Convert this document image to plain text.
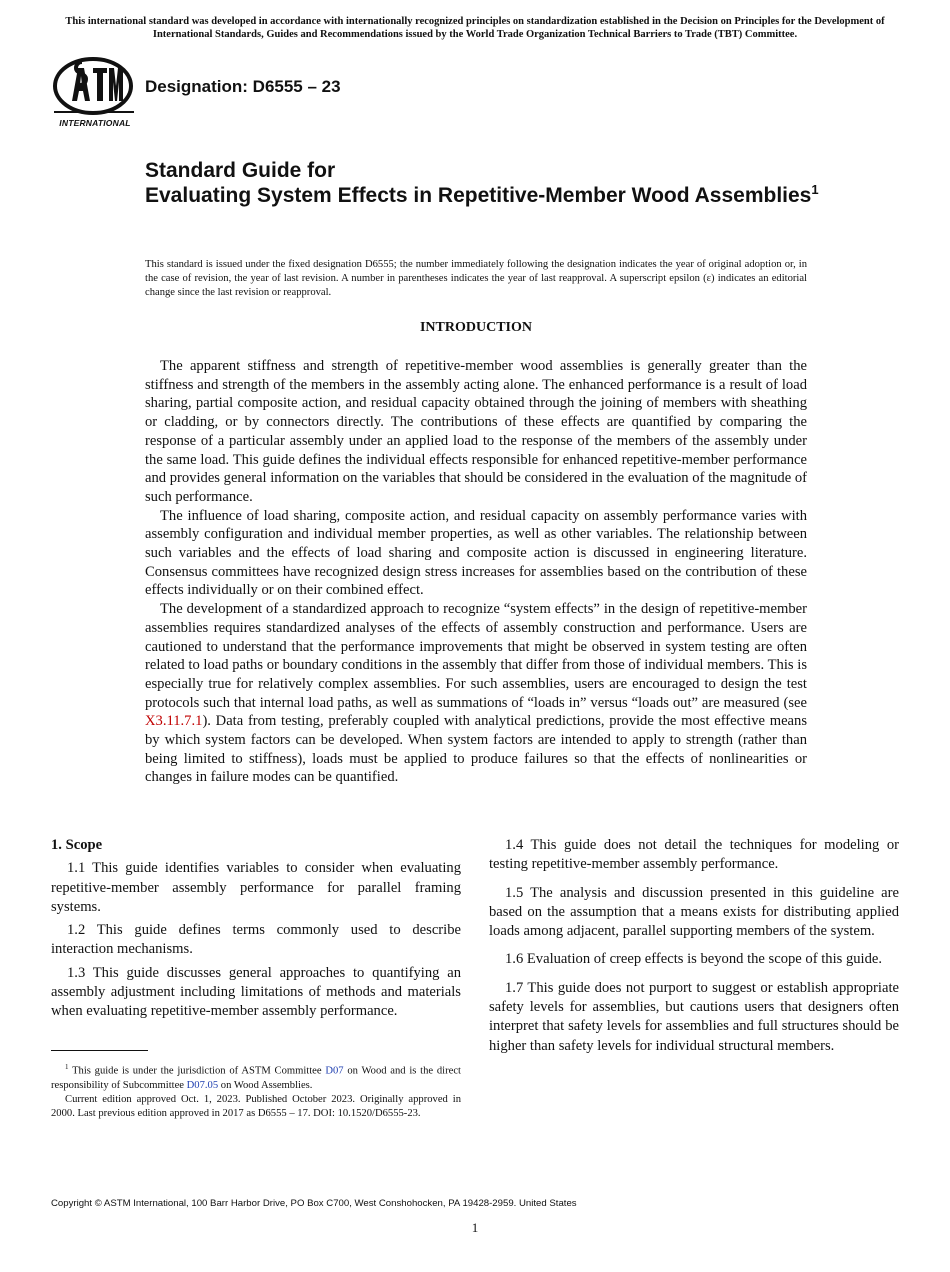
This international standard was developed in accordance with internationally recognized principles on standardization established in the Decision on Principles for the Development of International Standards, Guides and Recommendations issued by the World Trade Organization Technical Barriers to Trade (TBT) Committee.
INTERNATIONAL
Designation: D6555 – 23
Standard Guide for
Evaluating System Effects in Repetitive-Member Wood Assemblies$^1$
This standard is issued under the fixed designation D6555; the number immediately following the designation indicates the year of original adoption or, in the case of revision, the year of last revision. A number in parentheses indicates the year of last reapproval. A superscript epsilon (ε) indicates an editorial change since the last revision or reapproval.
INTRODUCTION

The apparent stiffness and strength of repetitive-member wood assemblies is generally greater than the stiffness and strength of the members in the assembly acting alone. The enhanced performance is a result of load sharing, partial composite action, and residual capacity obtained through the joining of members with sheathing or cladding, or by connectors directly. The contributions of these effects are quantified by comparing the response of a particular assembly under an applied load to the response of the members of the assembly under the same load. This guide defines the individual effects responsible for enhanced repetitive-member performance and provides general information on the variables that should be considered in the evaluation of the magnitude of such performance.

The influence of load sharing, composite action, and residual capacity on assembly performance varies with assembly configuration and individual member properties, as well as other variables. The relationship between such variables and the effects of load sharing and composite action is discussed in engineering literature. Consensus committees have recognized design stress increases for assemblies based on the contribution of these effects individually or on their combined effect.

The development of a standardized approach to recognize “system effects” in the design of repetitive-member assemblies requires standardized analyses of the effects of assembly construction and performance. Users are cautioned to understand that the performance improvements that might be observed in system testing are often related to load paths or boundary conditions in the assembly that differ from those of individual members. This is especially true for relatively complex assemblies. For such assemblies, users are encouraged to design the test protocols such that internal load paths, as well as summations of “loads in” versus “loads out” are measured (see X3.11.7.1). Data from testing, preferably coupled with analytical predictions, provide the most effective means by which system factors can be developed. When system factors are intended to apply to strength (rather than being limited to stiffness), loads must be applied to produce failures so that the effects of nonlinearities or changes in failure modes can be quantified.

1. Scope

1.1 This guide identifies variables to consider when evaluating repetitive-member assembly performance for parallel framing systems.

1.2 This guide defines terms commonly used to describe interaction mechanisms.

1.3 This guide discusses general approaches to quantifying an assembly adjustment including limitations of methods and materials when evaluating repetitive-member assembly performance.

1.4 This guide does not detail the techniques for modeling or testing repetitive-member assembly performance.

1.5 The analysis and discussion presented in this guideline are based on the assumption that a means exists for distributing applied loads among adjacent, parallel supporting members of the system.

1.6 Evaluation of creep effects is beyond the scope of this guide.

1.7 This guide does not purport to suggest or establish appropriate safety levels for assemblies, but cautions users that designers often interpret that safety levels for assemblies and full structures should be higher than safety levels for individual structural members.

$^1$ This guide is under the jurisdiction of ASTM Committee D07 on Wood and is the direct responsibility of Subcommittee D07.05 on Wood Assemblies.

Current edition approved Oct. 1, 2023. Published October 2023. Originally approved in 2000. Last previous edition approved in 2017 as D6555 – 17. DOI: 10.1520/D6555-23.

Copyright © ASTM International, 100 Barr Harbor Drive, PO Box C700, West Conshohocken, PA 19428-2959. United States
1
